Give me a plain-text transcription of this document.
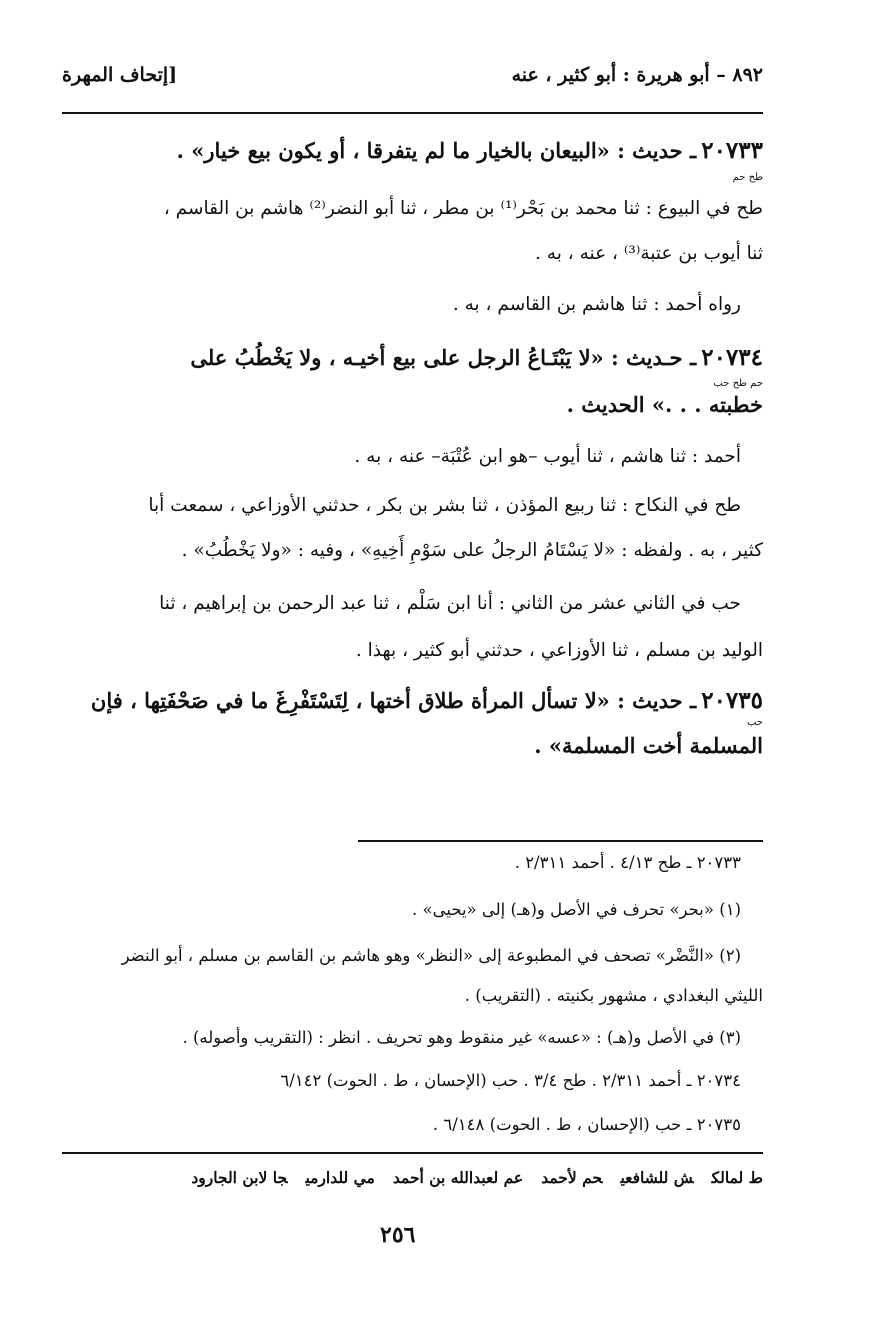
٨٩٢ – أبو هريرة : أبو كثير ، عنه
[إتحاف المهرة
٢٠٧٣٣ ـ حديث : «البيعان بالخيار ما لم يتفرقا ، أو يكون بيع خيار» .
طح حم
طح في البيوع : ثنا محمد بن بَحْر⁽¹⁾ بن مطر ، ثنا أبو النضر⁽²⁾ هاشم بن القاسم ،
ثنا أيوب بن عتبة⁽³⁾ ، عنه ، به .
رواه أحمد : ثنا هاشم بن القاسم ، به .
٢٠٧٣٤ ـ حـديث : «لا يَبْتَـاعُ الرجل على بيع أخيـه ، ولا يَخْطُبُ على
حم طح حب
خطبته . . .» الحديث .
أحمد : ثنا هاشم ، ثنا أيوب –هو ابن عُتْبَة– عنه ، به .
طح في النكاح : ثنا ربيع المؤذن ، ثنا بشر بن بكر ، حدثني الأوزاعي ، سمعت أبا
كثير ، به . ولفظه : «لا يَسْتَامُ الرجلُ على سَوْمِ أَخِيهِ» ، وفيه : «ولا يَخْطُبُ» .
حب في الثاني عشر من الثاني : أنا ابن سَلْم ، ثنا عبد الرحمن بن إبراهيم ، ثنا
الوليد بن مسلم ، ثنا الأوزاعي ، حدثني أبو كثير ، بهذا .
٢٠٧٣٥ ـ حديث : «لا تسأل المرأة طلاق أختها ، لِتَسْتَفْرِغَ ما في صَحْفَتِها ، فإن
حب
المسلمة أخت المسلمة» .
٢٠٧٣٣ ـ طح ٤/١٣ . أحمد ٢/٣١١ .
(١) «بحر» تحرف في الأصل و(هـ) إلى «يحيى» .
(٢) «النَّضْر» تصحف في المطبوعة إلى «النظر» وهو هاشم بن القاسم بن مسلم ، أبو النضر
الليثي البغدادي ، مشهور بكنيته . (التقريب) .
(٣) في الأصل و(هـ) : «عسه» غير منقوط وهو تحريف . انظر : (التقريب وأصوله) .
٢٠٧٣٤ ـ أحمد ٢/٣١١ . طح ٣/٤ . حب (الإحسان ، ط . الحوت) ٦/١٤٢
٢٠٧٣٥ ـ حب (الإحسان ، ط . الحوت) ٦/١٤٨ .
ط لمالكش للشافعيحم لأحمدعم لعبدالله بن أحمدمي للدارميجا لابن الجارود
٢٥٦
